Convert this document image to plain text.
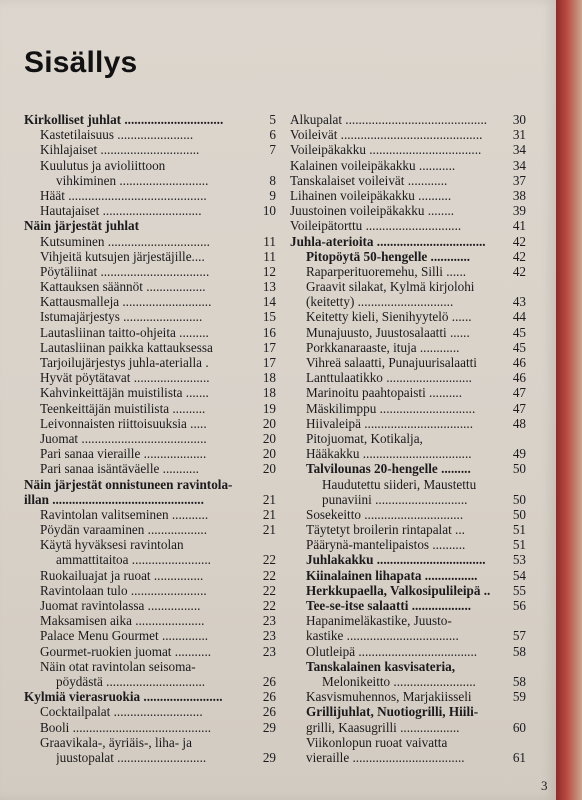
Sisällys
Kirkolliset juhlat ..............................	5
Kastetilaisuus .......................	6
Kihlajaiset ..............................	7
Kuulutus ja avioliittoon
vihkiminen ...........................	8
Häät ..........................................	9
Hautajaiset ..............................	10
Näin järjestät juhlat
Kutsuminen ...............................	11
Vihjeitä kutsujen järjestäjille....	11
Pöytäliinat .................................	12
Kattauksen säännöt ..................	13
Kattausmalleja ...........................	14
Istumajärjestys ........................	15
Lautasliinan taitto-ohjeita .........	16
Lautasliinan paikka kattauksessa	17
Tarjoilujärjestys juhla-aterialla .	17
Hyvät pöytätavat .......................	18
Kahvinkeittäjän muistilista .......	18
Teenkeittäjän muistilista ..........	19
Leivonnaisten riittoisuuksia .....	20
Juomat ......................................	20
Pari sanaa vieraille ...................	20
Pari sanaa isäntäväelle ...........	20
Näin järjestät onnistuneen ravintola-
illan ..............................................	21
Ravintolan valitseminen ...........	21
Pöydän varaaminen ..................	21
Käytä hyväksesi ravintolan
ammattitaitoa ........................	22
Ruokailuajat ja ruoat ...............	22
Ravintolaan tulo .......................	22
Juomat ravintolassa ................	22
Maksamisen aika .....................	23
Palace Menu Gourmet ..............	23
Gourmet-ruokien juomat ...........	23
Näin otat ravintolan seisoma-
pöydästä ..............................	26
Kylmiä vierasruokia ........................	26
Cocktailpalat ...........................	26
Booli ..........................................	29
Graavikala-, äyriäis-, liha- ja
juustopalat ...........................	29
Alkupalat ........................................... 30
Voileivät ........................................... 31
Voileipäkakku .................................. 34
Kalainen voileipäkakku ...........	34
Tanskalaiset voileivät ............	37
Lihainen voileipäkakku ..........	38
Juustoinen voileipäkakku ........	39
Voileipätorttu .............................	41
Juhla-aterioita ................................. 42
Pitopöytä 50-hengelle ............	42
Raparperituoremehu, Silli ......	42
Graavit silakat, Kylmä kirjolohi
(keitetty) .............................	43
Keitetty kieli, Sienihyytelö ......	44
Munajuusto, Juustosalaatti ......	45
Porkkanaraaste, ituja ............	45
Vihreä salaatti, Punajuurisalaatti	46
Lanttulaatikko ..........................	46
Marinoitu paahtopaisti ..........	47
Mäskilimppu .............................	47
Hiivaleipä .................................	48
Pitojuomat, Kotikalja,
Hääkakku .................................	49
Talvilounas 20-hengelle .........	50
Haudutettu siideri, Maustettu
punaviini ............................	50
Sosekeitto ..............................	50
Täytetyt broilerin rintapalat ...	51
Päärynä-mantelipaistos ..........	51
Juhlakakku ................................. 53
Kiinalainen lihapata ................	54
Herkkupaella, Valkosipulileipä .. 55
Tee-se-itse salaatti ..................	56
Hapanimeläkastike, Juusto-
kastike ..................................	57
Olutleipä ....................................	58
Tanskalainen kasvisateria,
Melonikeitto .........................	58
Kasvismuhennos, Marjakiisseli	59
Grillijuhlat, Nuotiogrilli, Hiili-
grilli, Kaasugrilli ..................	60
Viikonlopun ruoat vaivatta
vieraille ..................................	61
3
